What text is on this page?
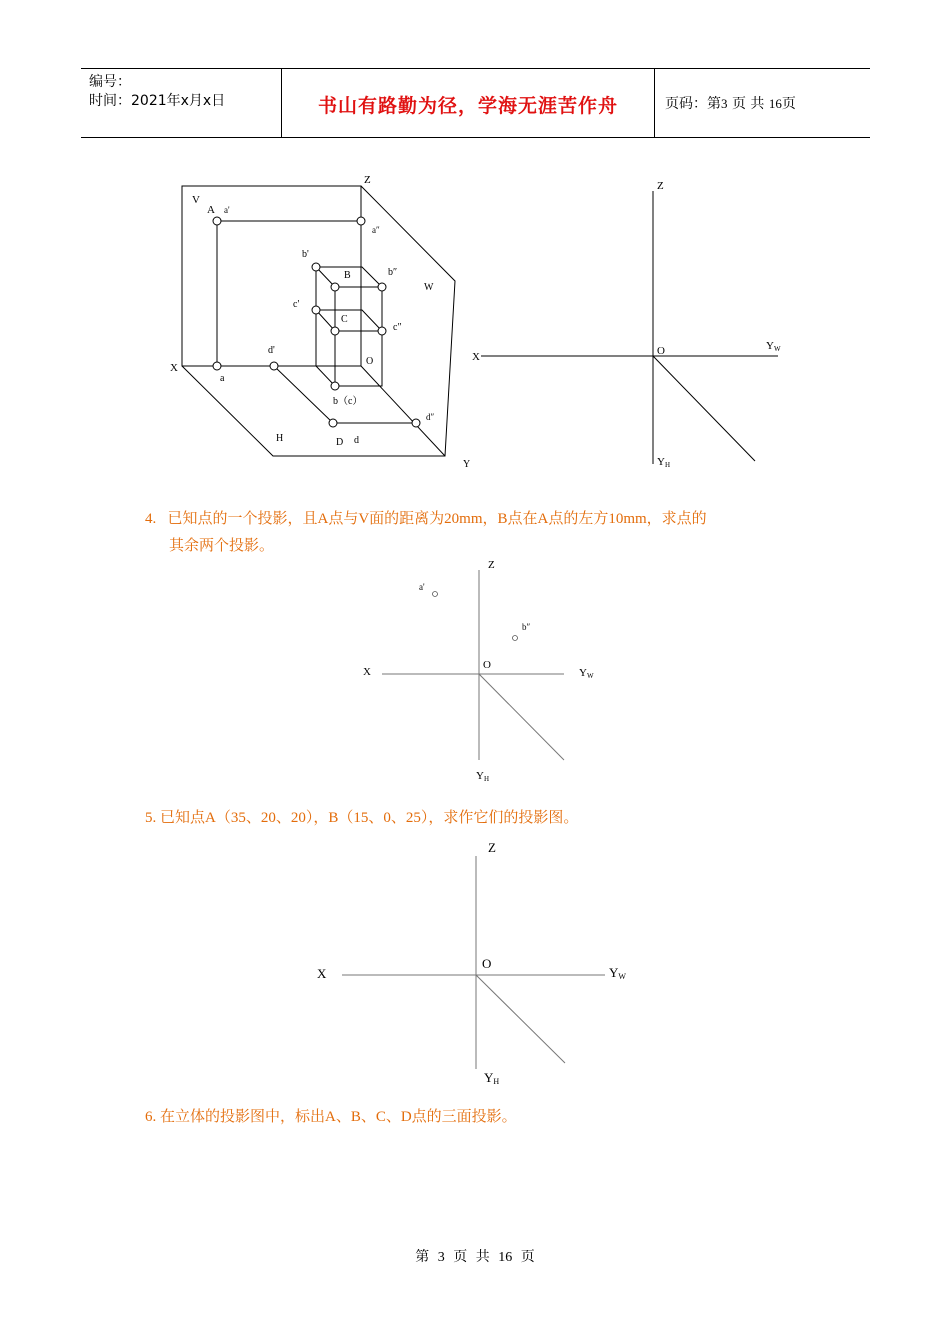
编号：
时间：2021年x月x日	书山有路勤为径，学海无涯苦作舟	页码：第3 页 共 16页
Z
V
A a'
a″
b'
B	b″
W
c'
C
c″
X
d'
O
a
b（c）
d″
H	D d
Y
Z
X	O	YW
YH
4. 已知点的一个投影，且A点与V面的距离为20mm，B点在A点的左方10mm，求点的
其余两个投影。
Z
X
O
YW
YH
a'
b″
5. 已知点A（35、20、20），B（15、0、25），求作它们的投影图。
Z
X
O
YW
YH
6. 在立体的投影图中，标出A、B、C、D点的三面投影。
第 3 页 共 16 页
